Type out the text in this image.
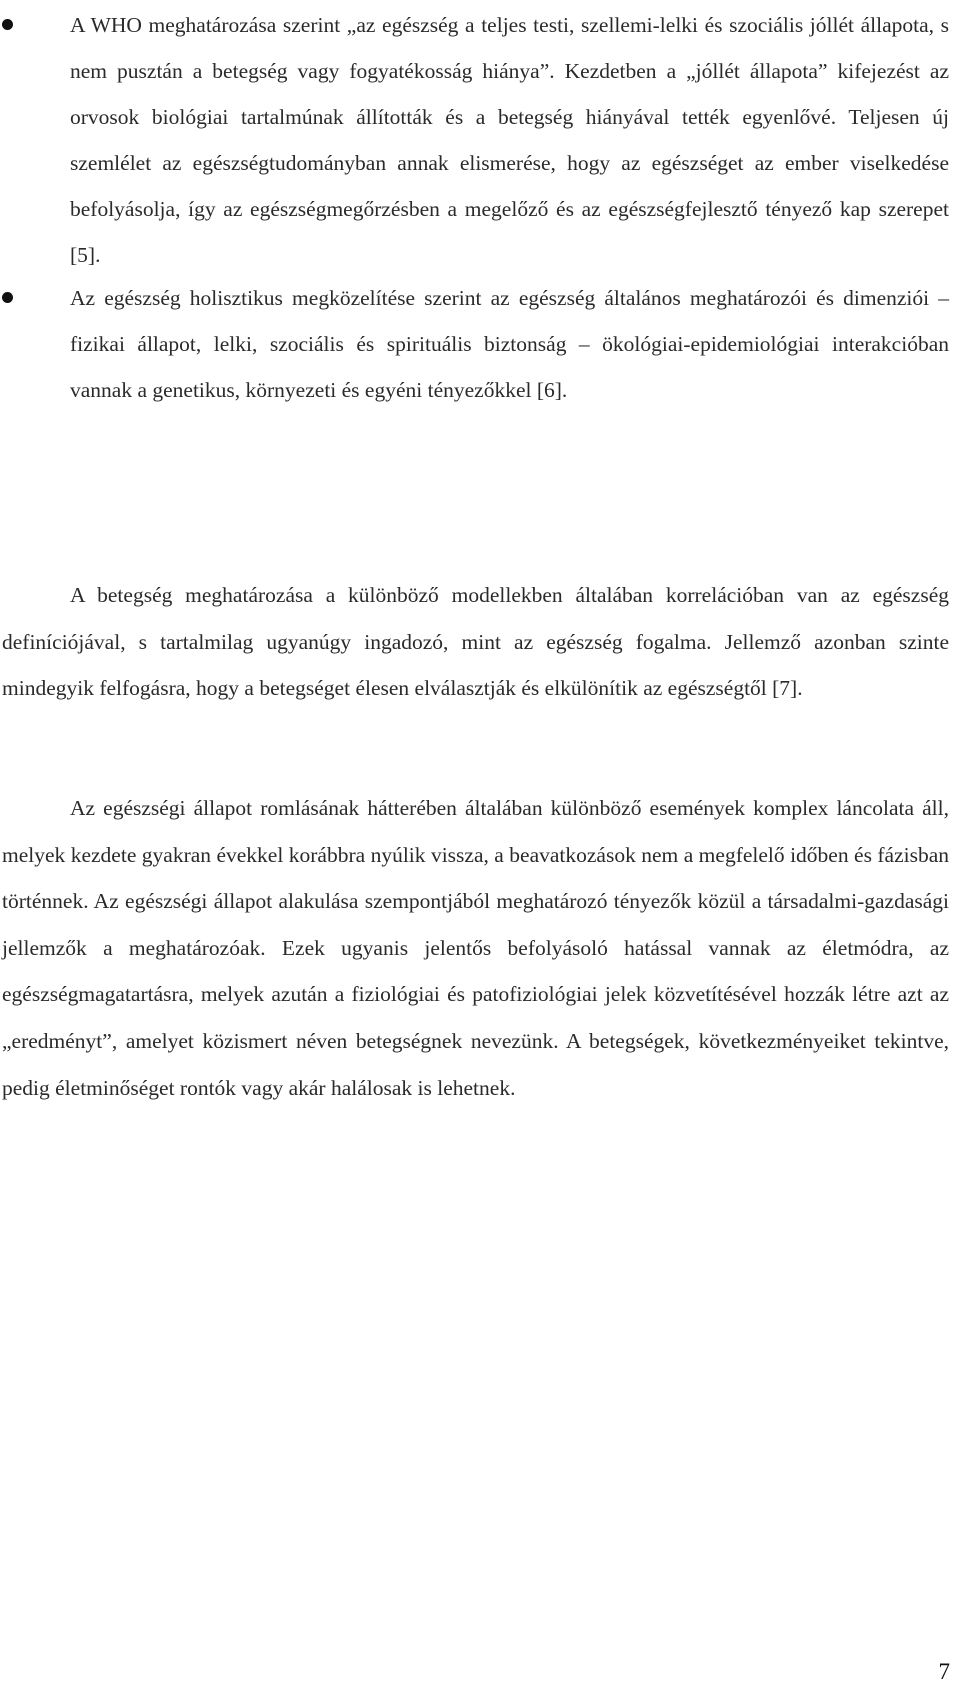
A WHO meghatározása szerint „az egészség a teljes testi, szellemi-lelki és szociális jóllét állapota, s nem pusztán a betegség vagy fogyatékosság hiánya”. Kezdetben a „jóllét állapota” kifejezést az orvosok biológiai tartalmúnak állították és a betegség hiányával tették egyenlővé. Teljesen új szemlélet az egészségtudományban annak elismerése, hogy az egészséget az ember viselkedése befolyásolja, így az egészségmegőrzésben a megelőző és az egészségfejlesztő tényező kap szerepet [5].
Az egészség holisztikus megközelítése szerint az egészség általános meghatározói és dimenziói – fizikai állapot, lelki, szociális és spirituális biztonság – ökológiai-epidemiológiai interakcióban vannak a genetikus, környezeti és egyéni tényezőkkel [6].

A betegség meghatározása a különböző modellekben általában korrelációban van az egészség definíciójával, s tartalmilag ugyanúgy ingadozó, mint az egészség fogalma. Jellemző azonban szinte mindegyik felfogásra, hogy a betegséget élesen elválasztják és elkülönítik az egészségtől [7].

Az egészségi állapot romlásának hátterében általában különböző események komplex láncolata áll, melyek kezdete gyakran évekkel korábbra nyúlik vissza, a beavatkozások nem a megfelelő időben és fázisban történnek. Az egészségi állapot alakulása szempontjából meghatározó tényezők közül a társadalmi-gazdasági jellemzők a meghatározóak. Ezek ugyanis jelentős befolyásoló hatással vannak az életmódra, az egészségmagatartásra, melyek azután a fiziológiai és patofiziológiai jelek közvetítésével hozzák létre azt az „eredményt”, amelyet közismert néven betegségnek nevezünk. A betegségek, következményeiket tekintve, pedig életminőséget rontók vagy akár halálosak is lehetnek.

7
